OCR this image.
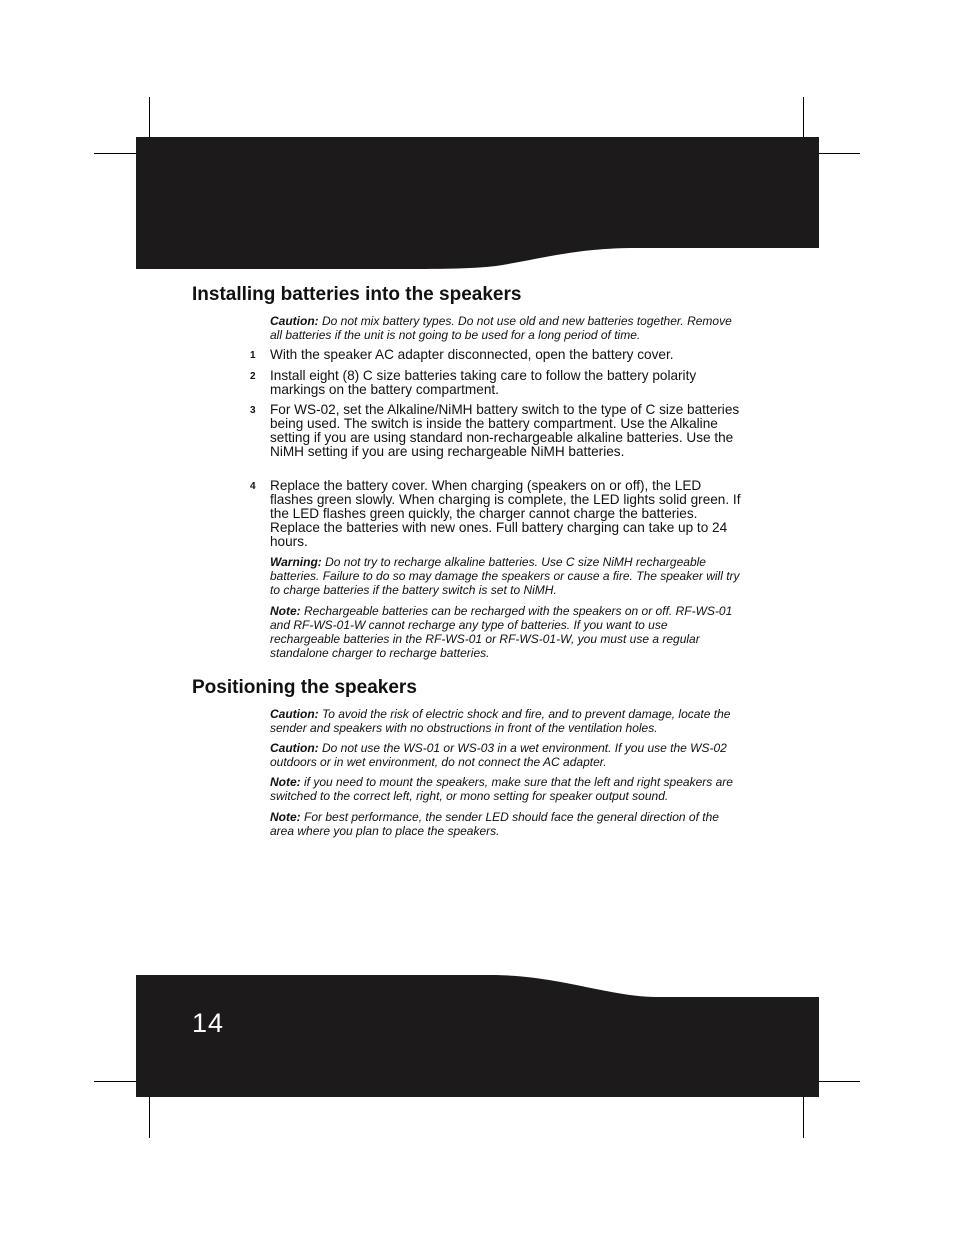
14
Installing batteries into the speakers

Caution: Do not mix battery types. Do not use old and new batteries together. Remove all batteries if the unit is not going to be used for a long period of time.

1 With the speaker AC adapter disconnected, open the battery cover.
2 Install eight (8) C size batteries taking care to follow the battery polarity markings on the battery compartment.
3 For WS-02, set the Alkaline/NiMH battery switch to the type of C size batteries being used. The switch is inside the battery compartment. Use the Alkaline setting if you are using standard non-rechargeable alkaline batteries. Use the NiMH setting if you are using rechargeable NiMH batteries.
4 Replace the battery cover. When charging (speakers on or off), the LED flashes green slowly. When charging is complete, the LED lights solid green. If the LED flashes green quickly, the charger cannot charge the batteries. Replace the batteries with new ones. Full battery charging can take up to 24 hours.

Warning: Do not try to recharge alkaline batteries. Use C size NiMH rechargeable batteries. Failure to do so may damage the speakers or cause a fire. The speaker will try to charge batteries if the battery switch is set to NiMH.

Note: Rechargeable batteries can be recharged with the speakers on or off. RF-WS-01 and RF-WS-01-W cannot recharge any type of batteries. If you want to use rechargeable batteries in the RF-WS-01 or RF-WS-01-W, you must use a regular standalone charger to recharge batteries.

Positioning the speakers

Caution: To avoid the risk of electric shock and fire, and to prevent damage, locate the sender and speakers with no obstructions in front of the ventilation holes.

Caution: Do not use the WS-01 or WS-03 in a wet environment. If you use the WS-02 outdoors or in wet environment, do not connect the AC adapter.

Note: if you need to mount the speakers, make sure that the left and right speakers are switched to the correct left, right, or mono setting for speaker output sound.

Note: For best performance, the sender LED should face the general direction of the area where you plan to place the speakers.
